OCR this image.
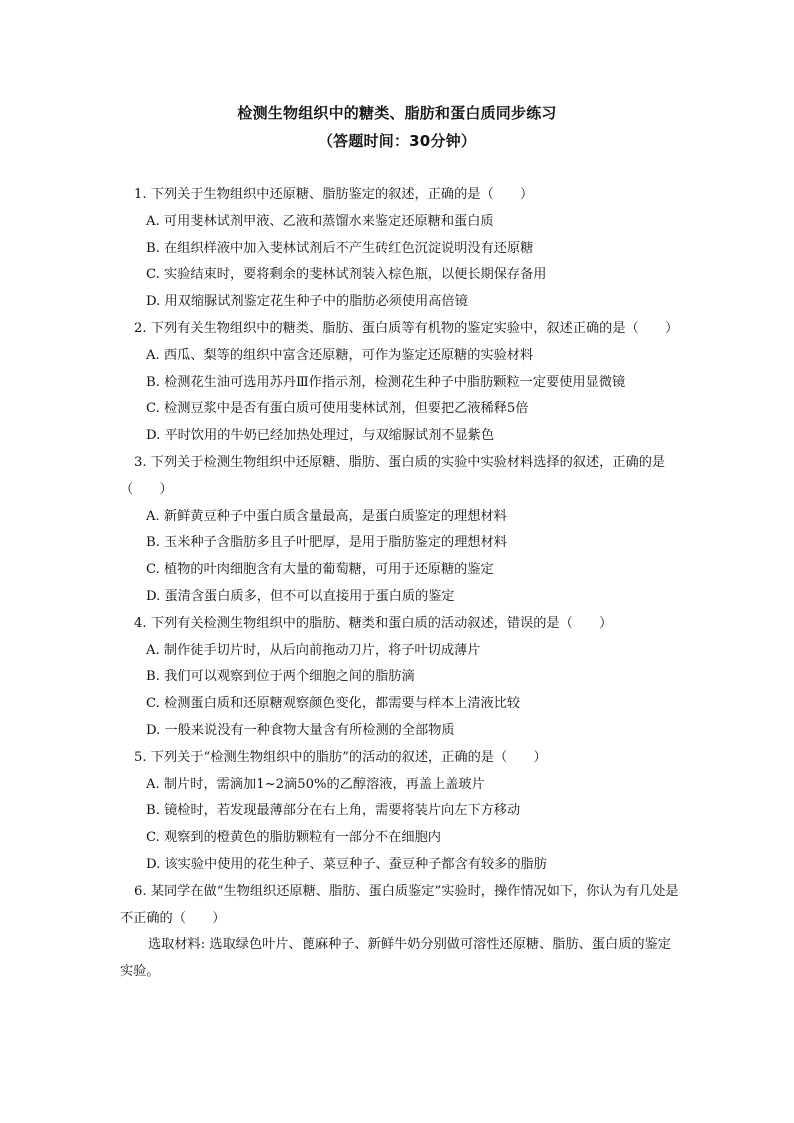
检测生物组织中的糖类、脂肪和蛋白质同步练习
（答题时间：30分钟）

1. 下列关于生物组织中还原糖、脂肪鉴定的叙述，正确的是（　　）

A. 可用斐林试剂甲液、乙液和蒸馏水来鉴定还原糖和蛋白质

B. 在组织样液中加入斐林试剂后不产生砖红色沉淀说明没有还原糖

C. 实验结束时，要将剩余的斐林试剂装入棕色瓶，以便长期保存备用

D. 用双缩脲试剂鉴定花生种子中的脂肪必须使用高倍镜

2. 下列有关生物组织中的糖类、脂肪、蛋白质等有机物的鉴定实验中，叙述正确的是（　　）

A. 西瓜、梨等的组织中富含还原糖，可作为鉴定还原糖的实验材料

B. 检测花生油可选用苏丹Ⅲ作指示剂，检测花生种子中脂肪颗粒一定要使用显微镜

C. 检测豆浆中是否有蛋白质可使用斐林试剂，但要把乙液稀释5倍

D. 平时饮用的牛奶已经加热处理过，与双缩脲试剂不显紫色

3. 下列关于检测生物组织中还原糖、脂肪、蛋白质的实验中实验材料选择的叙述，正确的是（　　）

A. 新鲜黄豆种子中蛋白质含量最高，是蛋白质鉴定的理想材料

B. 玉米种子含脂肪多且子叶肥厚，是用于脂肪鉴定的理想材料

C. 植物的叶肉细胞含有大量的葡萄糖，可用于还原糖的鉴定

D. 蛋清含蛋白质多，但不可以直接用于蛋白质的鉴定

4. 下列有关检测生物组织中的脂肪、糖类和蛋白质的活动叙述，错误的是（　　）

A. 制作徒手切片时，从后向前拖动刀片，将子叶切成薄片

B. 我们可以观察到位于两个细胞之间的脂肪滴

C. 检测蛋白质和还原糖观察颜色变化，都需要与样本上清液比较

D. 一般来说没有一种食物大量含有所检测的全部物质

5. 下列关于“检测生物组织中的脂肪”的活动的叙述，正确的是（　　）

A. 制片时，需滴加1~2滴50%的乙醇溶液，再盖上盖玻片

B. 镜检时，若发现最薄部分在右上角，需要将装片向左下方移动

C. 观察到的橙黄色的脂肪颗粒有一部分不在细胞内

D. 该实验中使用的花生种子、菜豆种子、蚕豆种子都含有较多的脂肪

6. 某同学在做“生物组织还原糖、脂肪、蛋白质鉴定”实验时，操作情况如下，你认为有几处是不正确的（　　）

选取材料: 选取绿色叶片、蓖麻种子、新鲜牛奶分别做可溶性还原糖、脂肪、蛋白质的鉴定实验。
